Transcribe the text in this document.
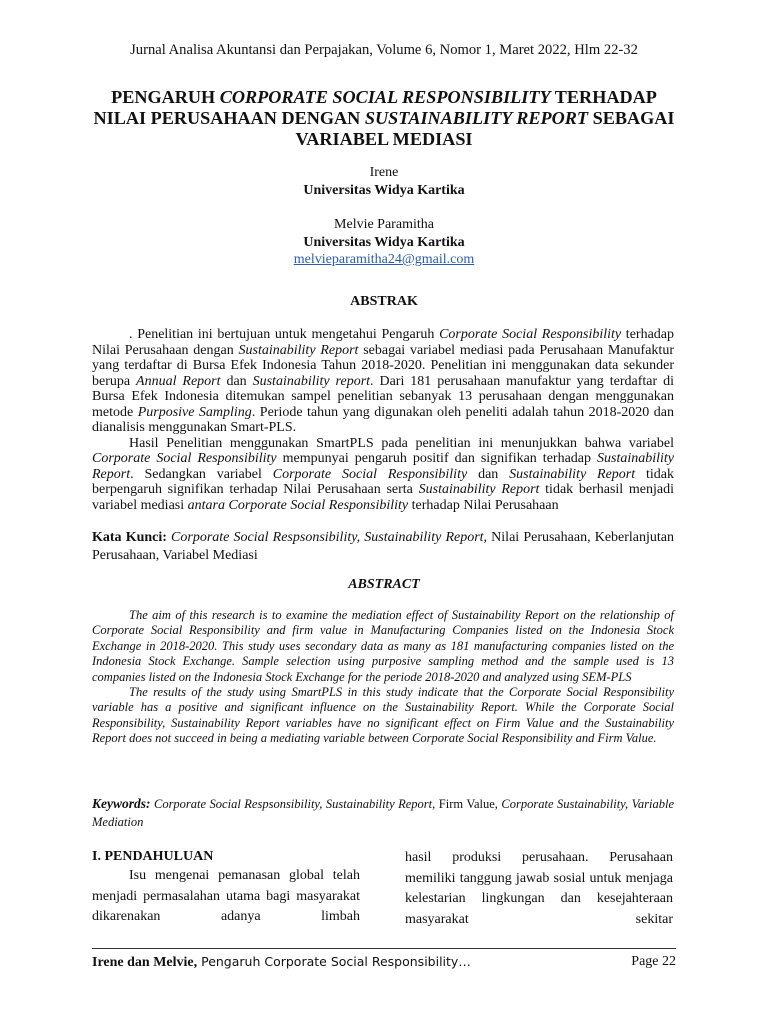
Jurnal Analisa Akuntansi dan Perpajakan, Volume 6, Nomor 1, Maret 2022, Hlm 22-32
PENGARUH CORPORATE SOCIAL RESPONSIBILITY TERHADAP
NILAI PERUSAHAAN DENGAN SUSTAINABILITY REPORT SEBAGAI
VARIABEL MEDIASI
Irene
Universitas Widya Kartika
Melvie Paramitha
Universitas Widya Kartika
melvieparamitha24@gmail.com
ABSTRAK

. Penelitian ini bertujuan untuk mengetahui Pengaruh Corporate Social Responsibility terhadap Nilai Perusahaan dengan Sustainability Report sebagai variabel mediasi pada Perusahaan Manufaktur yang terdaftar di Bursa Efek Indonesia Tahun 2018-2020. Penelitian ini menggunakan data sekunder berupa Annual Report dan Sustainability report. Dari 181 perusahaan manufaktur yang terdaftar di Bursa Efek Indonesia ditemukan sampel penelitian sebanyak 13 perusahaan dengan menggunakan metode Purposive Sampling. Periode tahun yang digunakan oleh peneliti adalah tahun 2018-2020 dan dianalisis menggunakan Smart-PLS.

Hasil Penelitian menggunakan SmartPLS pada penelitian ini menunjukkan bahwa variabel Corporate Social Responsibility mempunyai pengaruh positif dan signifikan terhadap Sustainability Report. Sedangkan variabel Corporate Social Responsibility dan Sustainability Report tidak berpengaruh signifikan terhadap Nilai Perusahaan serta Sustainability Report tidak berhasil menjadi variabel mediasi antara Corporate Social Responsibility terhadap Nilai Perusahaan

Kata Kunci: Corporate Social Respsonsibility, Sustainability Report, Nilai Perusahaan, Keberlanjutan Perusahaan, Variabel Mediasi
ABSTRACT

The aim of this research is to examine the mediation effect of Sustainability Report on the relationship of Corporate Social Responsibility and firm value in Manufacturing Companies listed on the Indonesia Stock Exchange in 2018-2020. This study uses secondary data as many as 181 manufacturing companies listed on the Indonesia Stock Exchange. Sample selection using purposive sampling method and the sample used is 13 companies listed on the Indonesia Stock Exchange for the periode 2018-2020 and analyzed using SEM-PLS

The results of the study using SmartPLS in this study indicate that the Corporate Social Responsibility variable has a positive and significant influence on the Sustainability Report. While the Corporate Social Responsibility, Sustainability Report variables have no significant effect on Firm Value and the Sustainability Report does not succeed in being a mediating variable between Corporate Social Responsibility and Firm Value.

Keywords: Corporate Social Respsonsibility, Sustainability Report, Firm Value, Corporate Sustainability, Variable Mediation
I. PENDAHULUAN

Isu mengenai pemanasan global telah menjadi permasalahan utama bagi masyarakat dikarenakan adanya limbah

hasil produksi perusahaan. Perusahaan memiliki tanggung jawab sosial untuk menjaga kelestarian lingkungan dan kesejahteraan masyarakat sekitar

Irene dan Melvie, Pengaruh Corporate Social Responsibility…	Page 22
